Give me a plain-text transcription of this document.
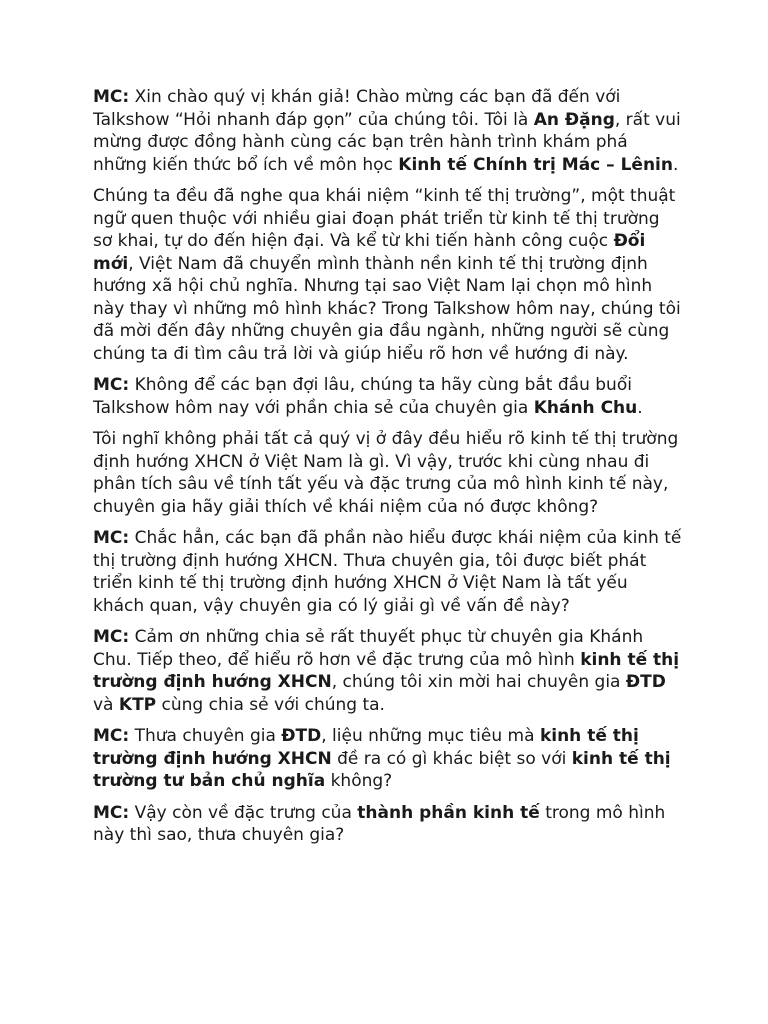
MC: Xin chào quý vị khán giả! Chào mừng các bạn đã đến với Talkshow “Hỏi nhanh đáp gọn” của chúng tôi. Tôi là An Đặng, rất vui mừng được đồng hành cùng các bạn trên hành trình khám phá những kiến thức bổ ích về môn học Kinh tế Chính trị Mác – Lênin.

Chúng ta đều đã nghe qua khái niệm “kinh tế thị trường”, một thuật ngữ quen thuộc với nhiều giai đoạn phát triển từ kinh tế thị trường sơ khai, tự do đến hiện đại. Và kể từ khi tiến hành công cuộc Đổi mới, Việt Nam đã chuyển mình thành nền kinh tế thị trường định hướng xã hội chủ nghĩa. Nhưng tại sao Việt Nam lại chọn mô hình này thay vì những mô hình khác? Trong Talkshow hôm nay, chúng tôi đã mời đến đây những chuyên gia đầu ngành, những người sẽ cùng chúng ta đi tìm câu trả lời và giúp hiểu rõ hơn về hướng đi này.

MC: Không để các bạn đợi lâu, chúng ta hãy cùng bắt đầu buổi Talkshow hôm nay với phần chia sẻ của chuyên gia Khánh Chu.

Tôi nghĩ không phải tất cả quý vị ở đây đều hiểu rõ kinh tế thị trường định hướng XHCN ở Việt Nam là gì. Vì vậy, trước khi cùng nhau đi phân tích sâu về tính tất yếu và đặc trưng của mô hình kinh tế này, chuyên gia hãy giải thích về khái niệm của nó được không?

MC: Chắc hẳn, các bạn đã phần nào hiểu được khái niệm của kinh tế thị trường định hướng XHCN. Thưa chuyên gia, tôi được biết phát triển kinh tế thị trường định hướng XHCN ở Việt Nam là tất yếu khách quan, vậy chuyên gia có lý giải gì về vấn đề này?

MC: Cảm ơn những chia sẻ rất thuyết phục từ chuyên gia Khánh Chu. Tiếp theo, để hiểu rõ hơn về đặc trưng của mô hình kinh tế thị trường định hướng XHCN, chúng tôi xin mời hai chuyên gia ĐTD và KTP cùng chia sẻ với chúng ta.

MC: Thưa chuyên gia ĐTD, liệu những mục tiêu mà kinh tế thị trường định hướng XHCN đề ra có gì khác biệt so với kinh tế thị trường tư bản chủ nghĩa không?

MC: Vậy còn về đặc trưng của thành phần kinh tế trong mô hình này thì sao, thưa chuyên gia?
